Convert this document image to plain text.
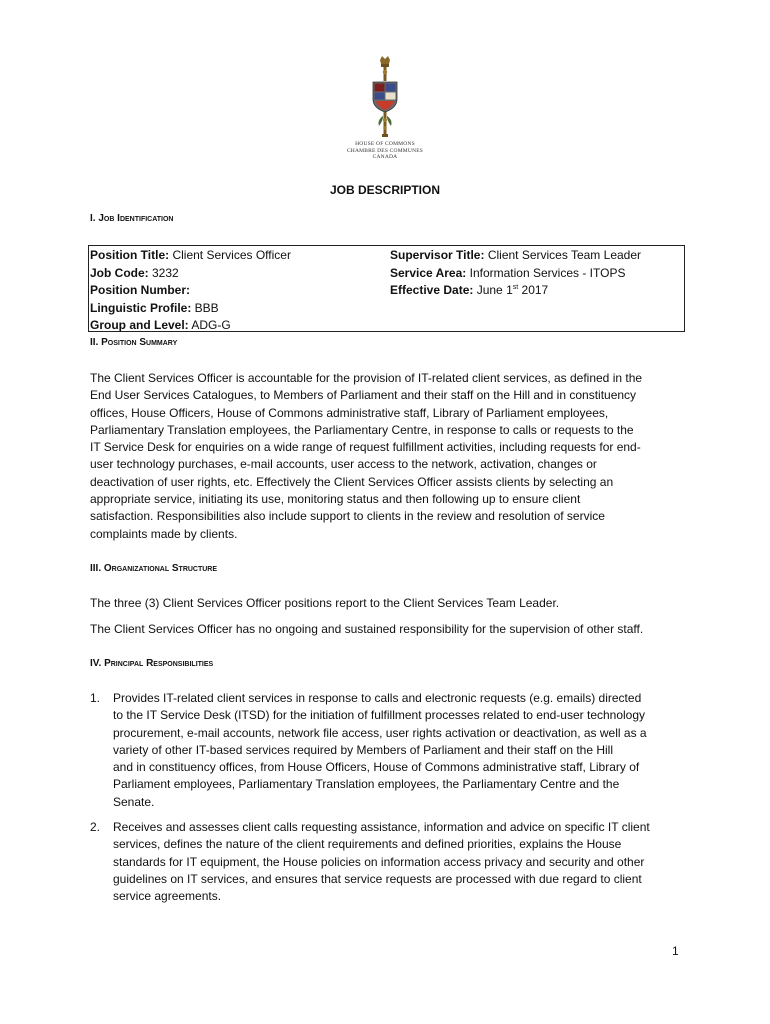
HOUSE OF COMMONS
CHAMBRE DES COMMUNES
CANADA
JOB DESCRIPTION
I. Job Identification
Position Title: Client Services Officer
Job Code: 3232
Position Number:
Linguistic Profile: BBB
Group and Level: ADG-G
Supervisor Title: Client Services Team Leader
Service Area: Information Services - ITOPS
Effective Date: June 1st 2017
II. Position Summary
The Client Services Officer is accountable for the provision of IT-related client services, as defined in the
End User Services Catalogues, to Members of Parliament and their staff on the Hill and in constituency
offices, House Officers, House of Commons administrative staff, Library of Parliament employees,
Parliamentary Translation employees, the Parliamentary Centre, in response to calls or requests to the
IT Service Desk for enquiries on a wide range of request fulfillment activities, including requests for end-
user technology purchases, e-mail accounts, user access to the network, activation, changes or
deactivation of user rights, etc. Effectively the Client Services Officer assists clients by selecting an
appropriate service, initiating its use, monitoring status and then following up to ensure client
satisfaction. Responsibilities also include support to clients in the review and resolution of service
complaints made by clients.
III. Organizational Structure
The three (3) Client Services Officer positions report to the Client Services Team Leader.
The Client Services Officer has no ongoing and sustained responsibility for the supervision of other staff.
IV. Principal Responsibilities
1. Provides IT-related client services in response to calls and electronic requests (e.g. emails) directed
to the IT Service Desk (ITSD) for the initiation of fulfillment processes related to end-user technology
procurement, e-mail accounts, network file access, user rights activation or deactivation, as well as a
variety of other IT-based services required by Members of Parliament and their staff on the Hill
and in constituency offices, from House Officers, House of Commons administrative staff, Library of
Parliament employees, Parliamentary Translation employees, the Parliamentary Centre and the
Senate.
2. Receives and assesses client calls requesting assistance, information and advice on specific IT client
services, defines the nature of the client requirements and defined priorities, explains the House
standards for IT equipment, the House policies on information access privacy and security and other
guidelines on IT services, and ensures that service requests are processed with due regard to client
service agreements.
1
